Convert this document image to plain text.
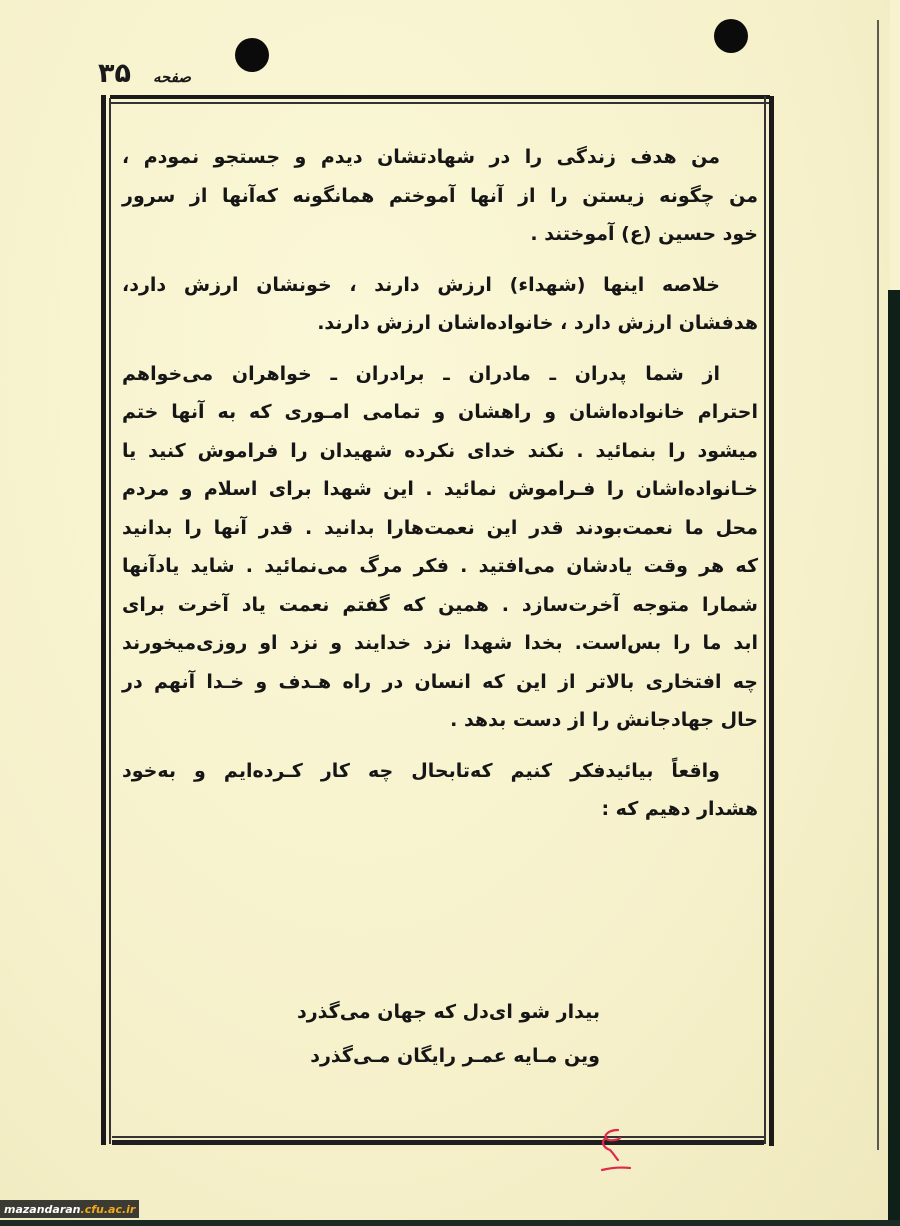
صفحه
۳۵
من هدف زندگی را در شهادتشان دیدم و جستجو نمودم ،
من چگونه زیستن را از آنها آموختم همانگونه که‌آنها از سرور
خود حسین (ع) آموختند .
خلاصه اینها (شهداء) ارزش دارند ، خونشان ارزش دارد،
هدفشان ارزش دارد ، خانواده‌اشان ارزش دارند.
از شما پدران ـ مادران ـ برادران ـ خواهران می‌خواهم
احترام خانواده‌اشان و راهشان و تمامی امـوری که به آنها ختم
میشود را بنمائید . نکند خدای نکرده شهیدان را فراموش کنید یا
خـانواده‌اشان را فـراموش نمائید . این شهدا برای اسلام و مردم
محل ما نعمت‌بودند قدر این نعمت‌هارا بدانید . قدر آنها را بدانید
که هر وقت یادشان می‌افتید . فکر مرگ می‌نمائید . شاید یادآنها
شمارا متوجه آخرت‌سازد . همین که گفتم نعمت یاد آخرت برای
ابد ما را بس‌است. بخدا شهدا نزد خدایند و نزد او روزی‌میخورند
چه افتخاری بالاتر از این که انسان در راه هـدف و خـدا آنهم در
حال جهادجانش را از دست بدهد .
واقعاً بیائیدفکر کنیم که‌تابحال چه کار کـرده‌ایم و به‌خود
هشدار دهیم که :
بیدار شو ای‌دل که جهان می‌گذرد
وین مـایه عمـر رایگان مـی‌گذرد
mazandaran .cfu.ac.ir
